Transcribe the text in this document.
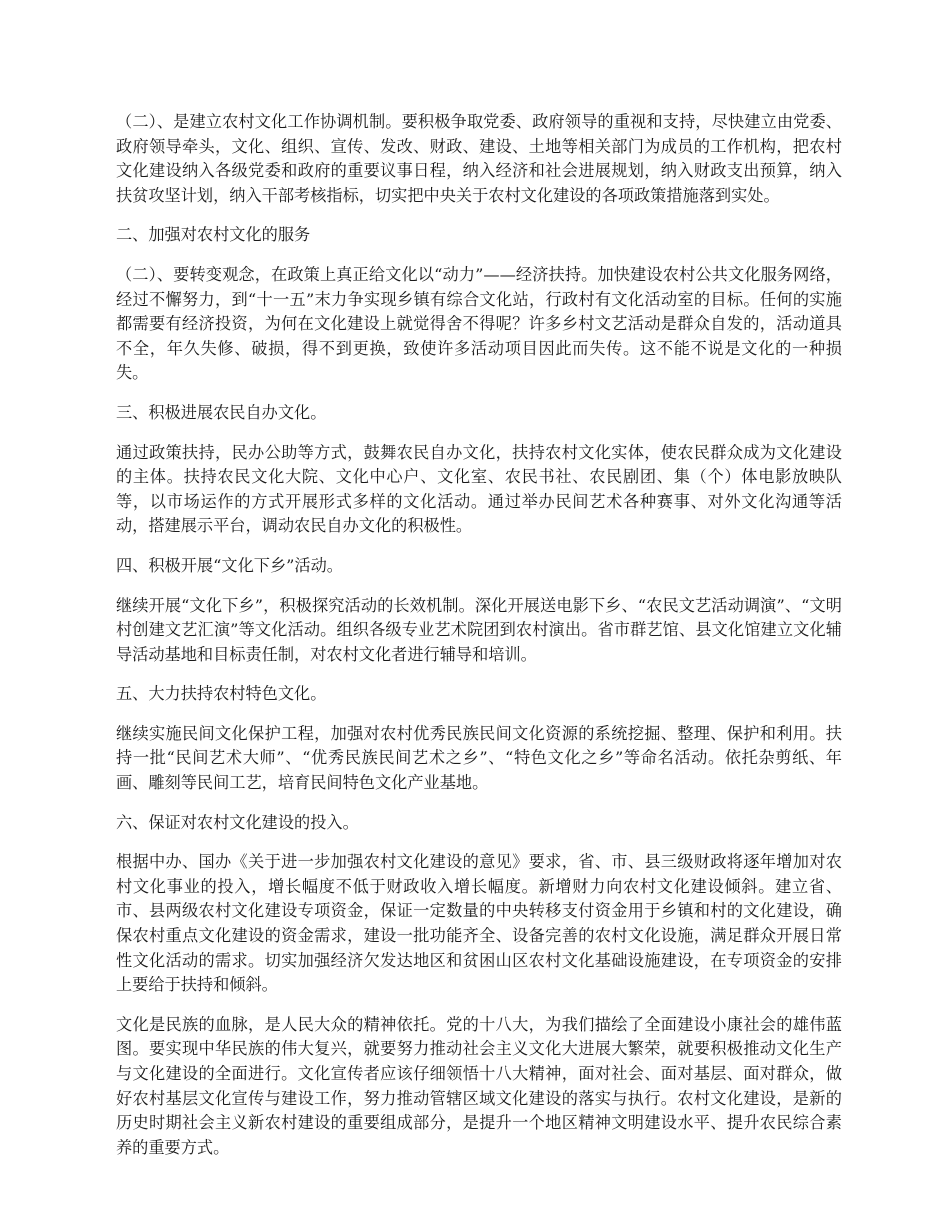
（二）、是建立农村文化工作协调机制。要积极争取党委、政府领导的重视和支持，尽快建立由党委、政府领导牵头，文化、组织、宣传、发改、财政、建设、土地等相关部门为成员的工作机构，把农村文化建设纳入各级党委和政府的重要议事日程，纳入经济和社会进展规划，纳入财政支出预算，纳入扶贫攻坚计划，纳入干部考核指标，切实把中央关于农村文化建设的各项政策措施落到实处。

二、加强对农村文化的服务

（二）、要转变观念，在政策上真正给文化以“动力”——经济扶持。加快建设农村公共文化服务网络，经过不懈努力，到“十一五”末力争实现乡镇有综合文化站，行政村有文化活动室的目标。任何的实施都需要有经济投资，为何在文化建设上就觉得舍不得呢？许多乡村文艺活动是群众自发的，活动道具不全，年久失修、破损，得不到更换，致使许多活动项目因此而失传。这不能不说是文化的一种损失。

三、积极进展农民自办文化。

通过政策扶持，民办公助等方式，鼓舞农民自办文化，扶持农村文化实体，使农民群众成为文化建设的主体。扶持农民文化大院、文化中心户、文化室、农民书社、农民剧团、集（个）体电影放映队等，以市场运作的方式开展形式多样的文化活动。通过举办民间艺术各种赛事、对外文化沟通等活动，搭建展示平台，调动农民自办文化的积极性。

四、积极开展“文化下乡”活动。

继续开展“文化下乡”，积极探究活动的长效机制。深化开展送电影下乡、“农民文艺活动调演”、“文明村创建文艺汇演”等文化活动。组织各级专业艺术院团到农村演出。省市群艺馆、县文化馆建立文化辅导活动基地和目标责任制，对农村文化者进行辅导和培训。

五、大力扶持农村特色文化。

继续实施民间文化保护工程，加强对农村优秀民族民间文化资源的系统挖掘、整理、保护和利用。扶持一批“民间艺术大师”、“优秀民族民间艺术之乡”、“特色文化之乡”等命名活动。依托杂剪纸、年画、雕刻等民间工艺，培育民间特色文化产业基地。

六、保证对农村文化建设的投入。

根据中办、国办《关于进一步加强农村文化建设的意见》要求，省、市、县三级财政将逐年增加对农村文化事业的投入，增长幅度不低于财政收入增长幅度。新增财力向农村文化建设倾斜。建立省、市、县两级农村文化建设专项资金，保证一定数量的中央转移支付资金用于乡镇和村的文化建设，确保农村重点文化建设的资金需求，建设一批功能齐全、设备完善的农村文化设施，满足群众开展日常性文化活动的需求。切实加强经济欠发达地区和贫困山区农村文化基础设施建设，在专项资金的安排上要给于扶持和倾斜。

文化是民族的血脉，是人民大众的精神依托。党的十八大，为我们描绘了全面建设小康社会的雄伟蓝图。要实现中华民族的伟大复兴，就要努力推动社会主义文化大进展大繁荣，就要积极推动文化生产与文化建设的全面进行。文化宣传者应该仔细领悟十八大精神，面对社会、面对基层、面对群众，做好农村基层文化宣传与建设工作，努力推动管辖区域文化建设的落实与执行。农村文化建设，是新的历史时期社会主义新农村建设的重要组成部分，是提升一个地区精神文明建设水平、提升农民综合素养的重要方式。
